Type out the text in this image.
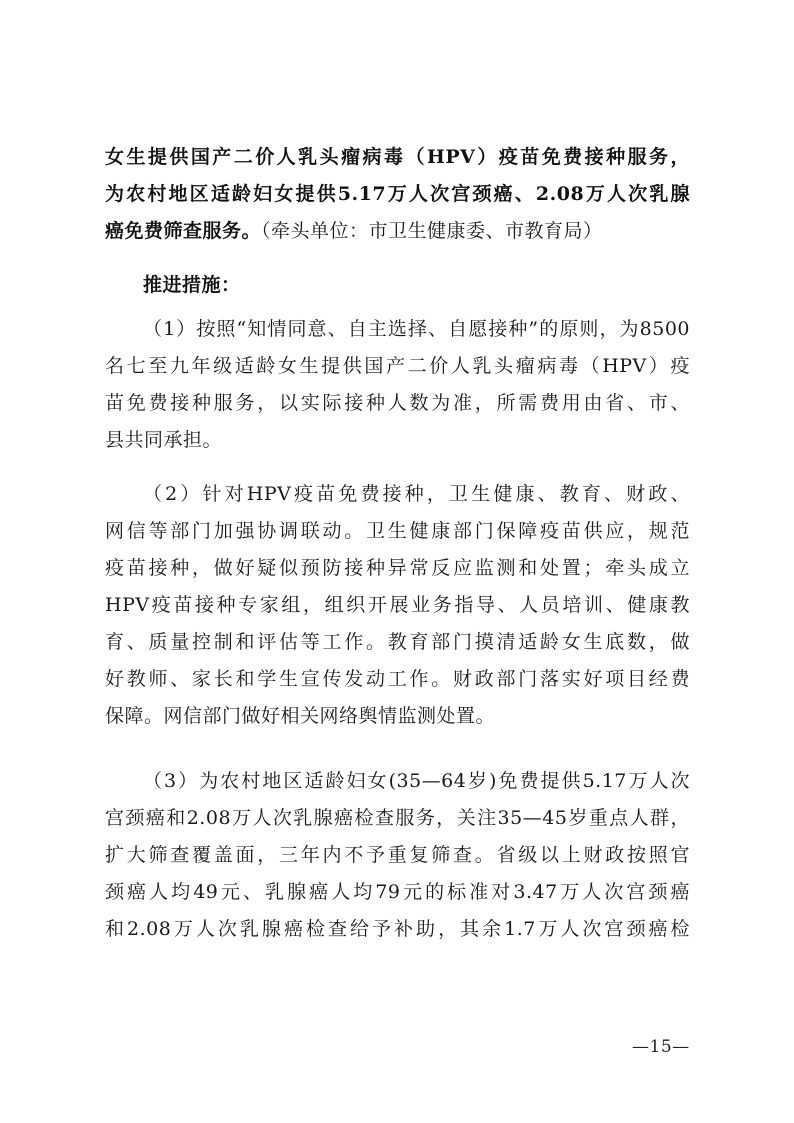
女生提供国产二价人乳头瘤病毒（HPV）疫苗免费接种服务，
为农村地区适龄妇女提供5.17万人次宫颈癌、2.08万人次乳腺
癌免费筛查服务。（牵头单位：市卫生健康委、市教育局）
推进措施：
（1）按照“知情同意、自主选择、自愿接种”的原则，为8500
名七至九年级适龄女生提供国产二价人乳头瘤病毒（HPV）疫
苗免费接种服务，以实际接种人数为准，所需费用由省、市、
县共同承担。
（2）针对HPV疫苗免费接种，卫生健康、教育、财政、
网信等部门加强协调联动。卫生健康部门保障疫苗供应，规范
疫苗接种，做好疑似预防接种异常反应监测和处置；牵头成立
HPV疫苗接种专家组，组织开展业务指导、人员培训、健康教
育、质量控制和评估等工作。教育部门摸清适龄女生底数，做
好教师、家长和学生宣传发动工作。财政部门落实好项目经费
保障。网信部门做好相关网络舆情监测处置。
（3）为农村地区适龄妇女(35—64岁)免费提供5.17万人次
宫颈癌和2.08万人次乳腺癌检查服务，关注35—45岁重点人群，
扩大筛查覆盖面，三年内不予重复筛查。省级以上财政按照官
颈癌人均49元、乳腺癌人均79元的标准对3.47万人次宫颈癌
和2.08万人次乳腺癌检查给予补助，其余1.7万人次宫颈癌检
—15—
